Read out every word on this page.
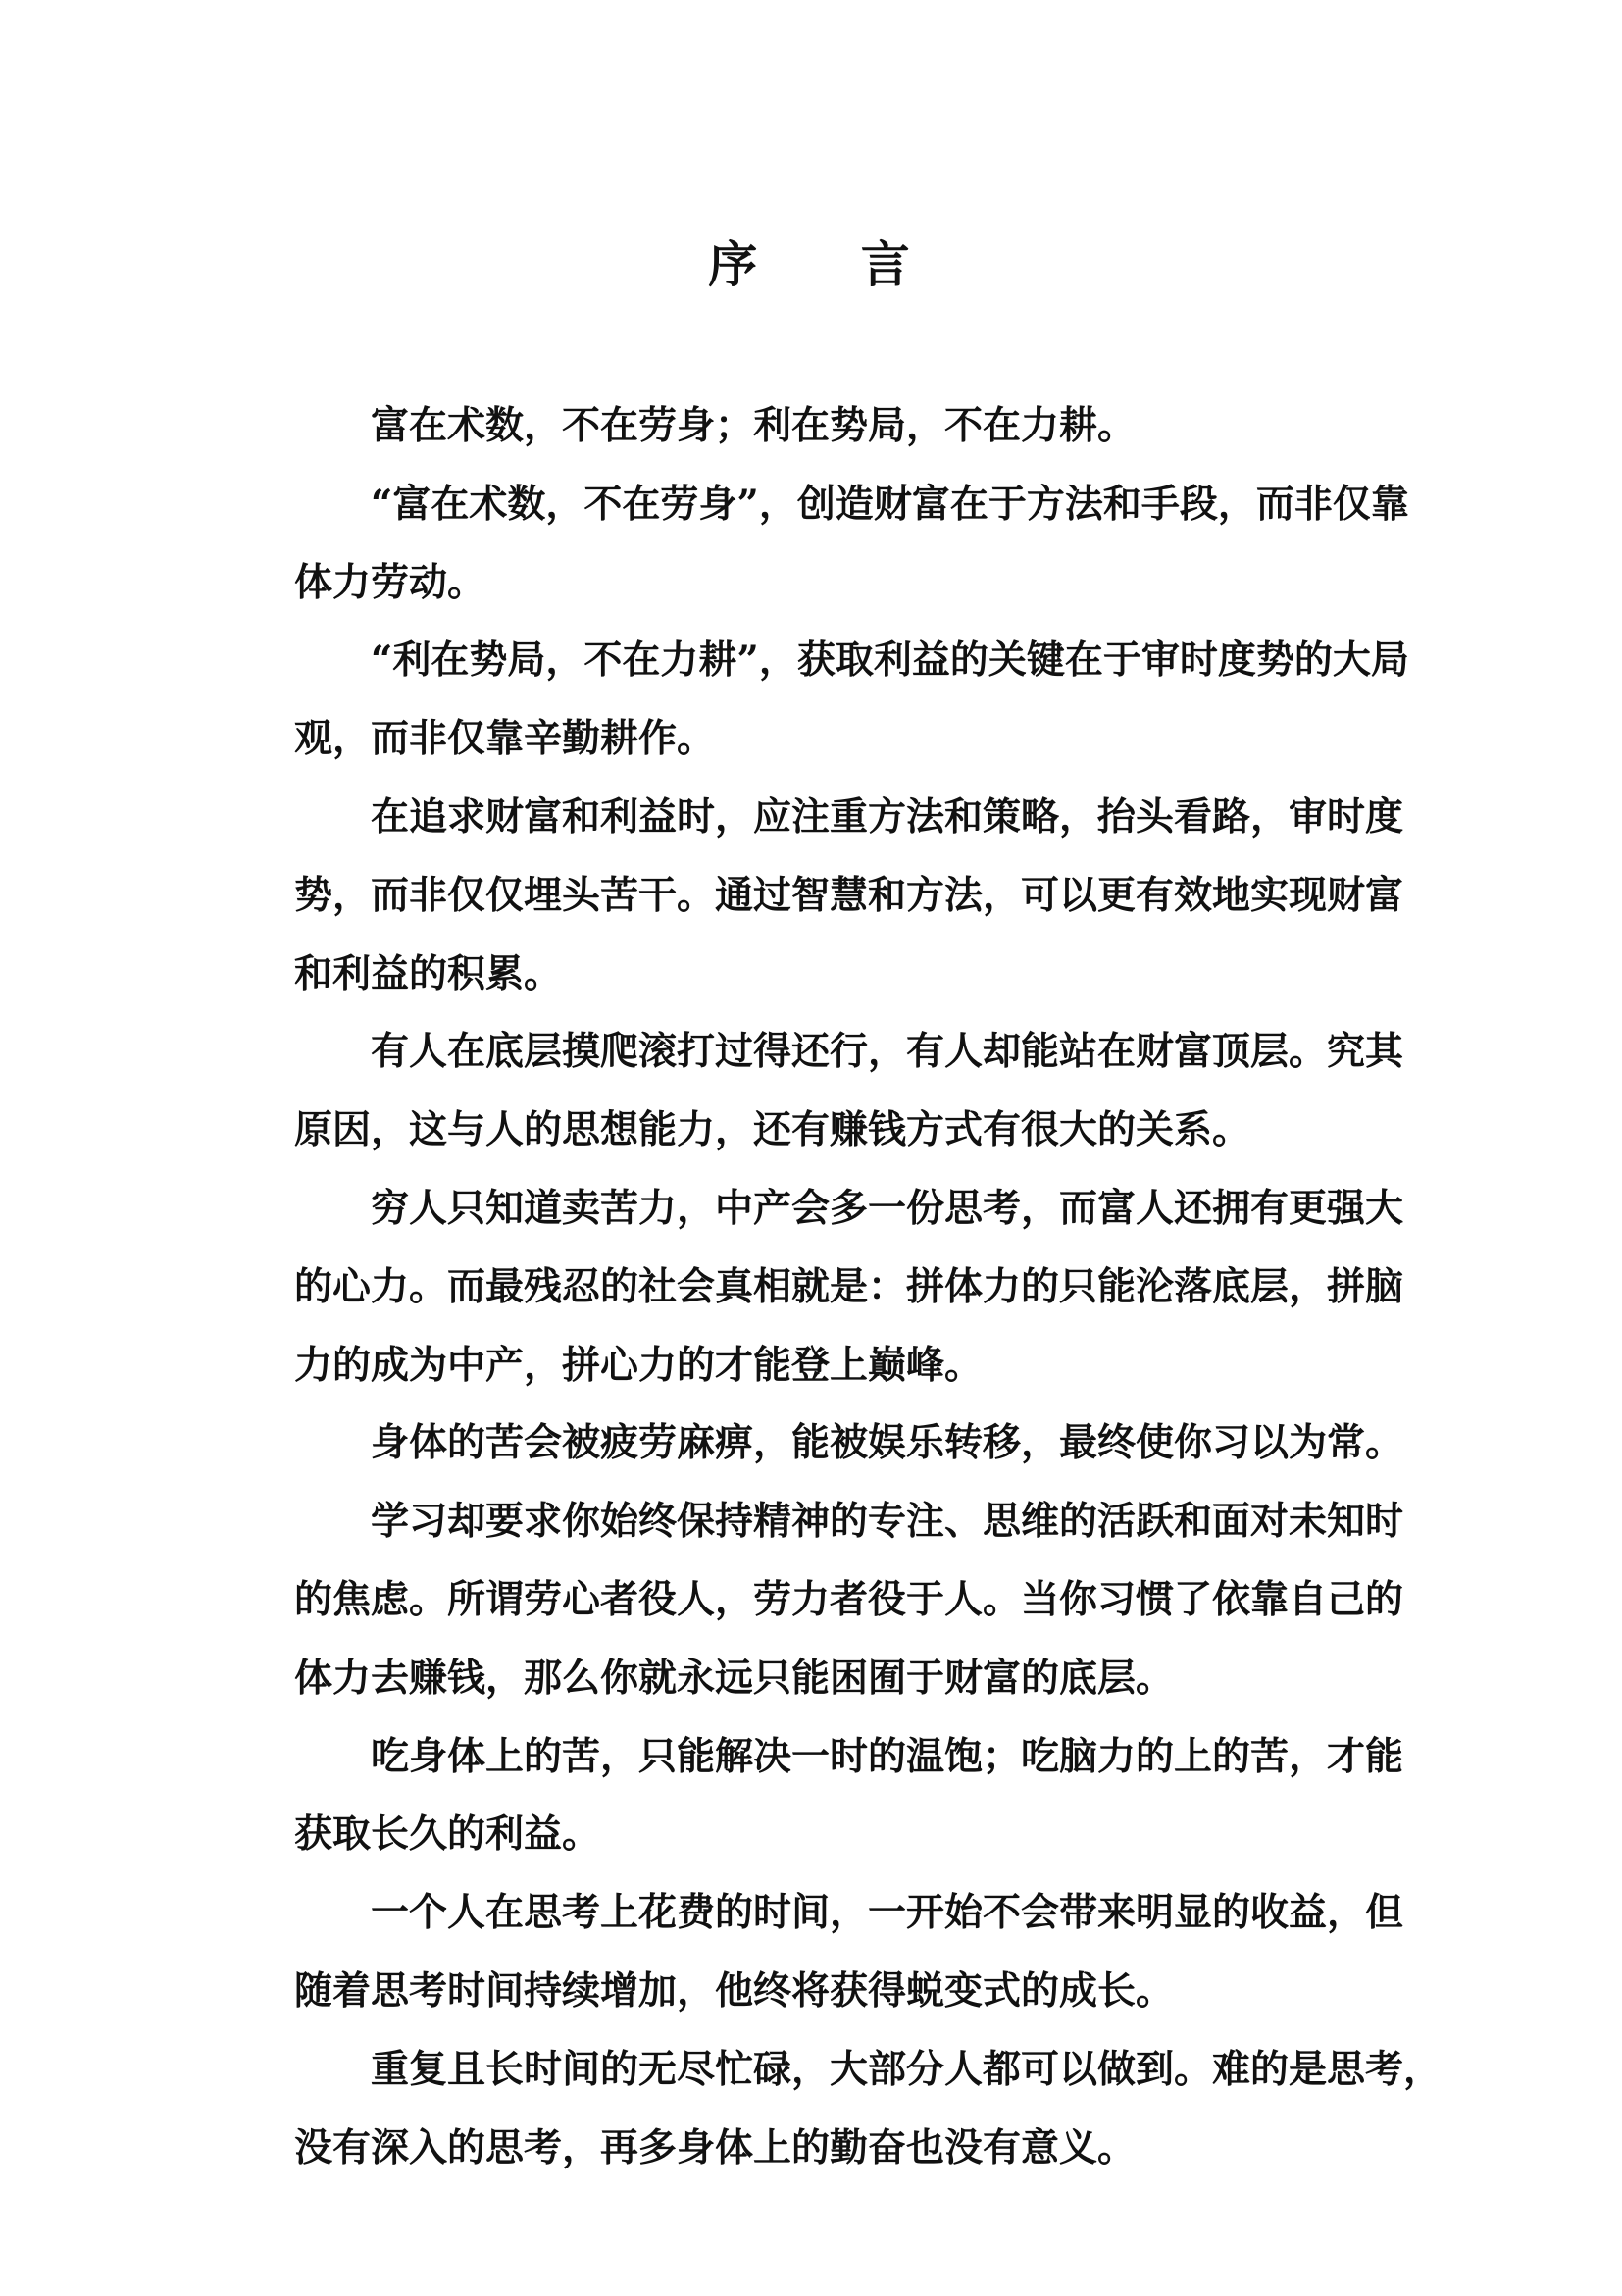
序 言

富在术数，不在劳身；利在势局，不在力耕。

“富在术数，不在劳身”，创造财富在于方法和手段，而非仅靠
体力劳动。

“利在势局，不在力耕”，获取利益的关键在于审时度势的大局
观，而非仅靠辛勤耕作。

在追求财富和利益时，应注重方法和策略，抬头看路，审时度
势，而非仅仅埋头苦干。通过智慧和方法，可以更有效地实现财富
和利益的积累。

有人在底层摸爬滚打过得还行，有人却能站在财富顶层。究其
原因，这与人的思想能力，还有赚钱方式有很大的关系。

穷人只知道卖苦力，中产会多一份思考，而富人还拥有更强大
的心力。而最残忍的社会真相就是：拼体力的只能沦落底层，拼脑
力的成为中产，拼心力的才能登上巅峰。

身体的苦会被疲劳麻痹，能被娱乐转移，最终使你习以为常。

学习却要求你始终保持精神的专注、思维的活跃和面对未知时
的焦虑。所谓劳心者役人，劳力者役于人。当你习惯了依靠自己的
体力去赚钱，那么你就永远只能困囿于财富的底层。

吃身体上的苦，只能解决一时的温饱；吃脑力的上的苦，才能
获取长久的利益。

一个人在思考上花费的时间，一开始不会带来明显的收益，但
随着思考时间持续增加，他终将获得蜕变式的成长。

重复且长时间的无尽忙碌，大部分人都可以做到。难的是思考，
没有深入的思考，再多身体上的勤奋也没有意义。
